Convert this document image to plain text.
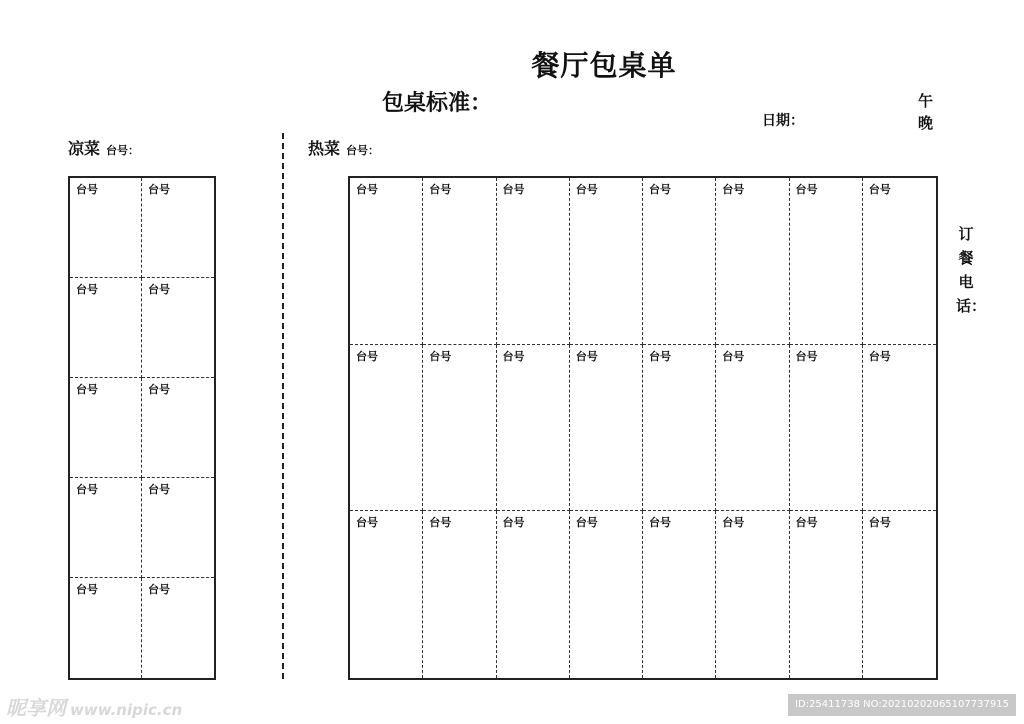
餐厅包桌单
包桌标准：	午
晚
日期：
凉菜 台号：	热菜 台号：
台号	台号
台号	台号
台号	台号
台号	台号
台号	台号
台号	台号	台号	台号	台号	台号	台号	台号
台号	台号	台号	台号	台号	台号	台号	台号
台号	台号	台号	台号	台号	台号	台号	台号
订餐电话：
昵享网 www.nipic.cn	ID:25411738 NO:20210202065107737915
